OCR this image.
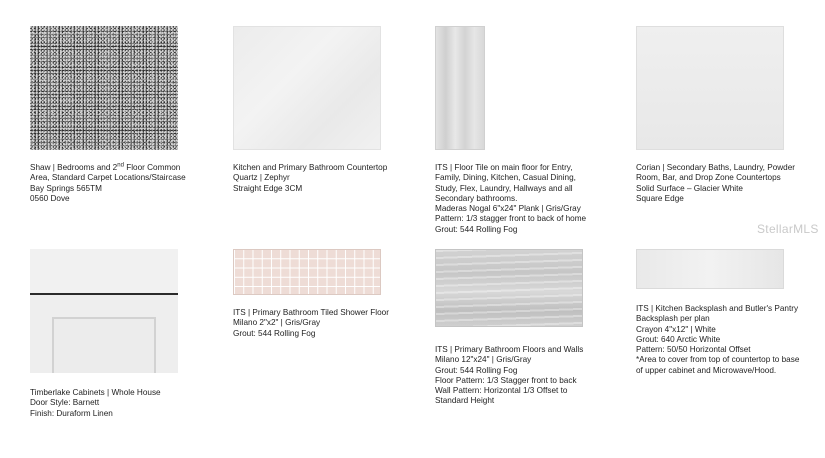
Shaw | Bedrooms and 2nd Floor Common
Area, Standard Carpet Locations/Staircase
Bay Springs 565TM
0560 Dove
Kitchen and Primary Bathroom Countertop
Quartz | Zephyr
Straight Edge 3CM
ITS | Floor Tile on main floor for Entry,
Family, Dining, Kitchen, Casual Dining,
Study, Flex, Laundry, Hallways and all
Secondary bathrooms.
Maderas Nogal 6"x24" Plank | Gris/Gray
Pattern: 1/3 stagger front to back of home
Grout: 544 Rolling Fog
Corian | Secondary Baths, Laundry, Powder
Room, Bar, and Drop Zone Countertops
Solid Surface – Glacier White
Square Edge
StellarMLS
Timberlake Cabinets | Whole House
Door Style: Barnett
Finish: Duraform Linen
ITS | Primary Bathroom Tiled Shower Floor
Milano 2"x2" | Gris/Gray
Grout: 544 Rolling Fog
ITS | Primary Bathroom Floors and Walls
Milano 12"x24" | Gris/Gray
Grout: 544 Rolling Fog
Floor Pattern: 1/3 Stagger front to back
Wall Pattern: Horizontal 1/3 Offset to
Standard Height
ITS | Kitchen Backsplash and Butler's Pantry
Backsplash per plan
Crayon 4"x12" | White
Grout: 640 Arctic White
Pattern: 50/50 Horizontal Offset
*Area to cover from top of countertop to base
of upper cabinet and Microwave/Hood.
